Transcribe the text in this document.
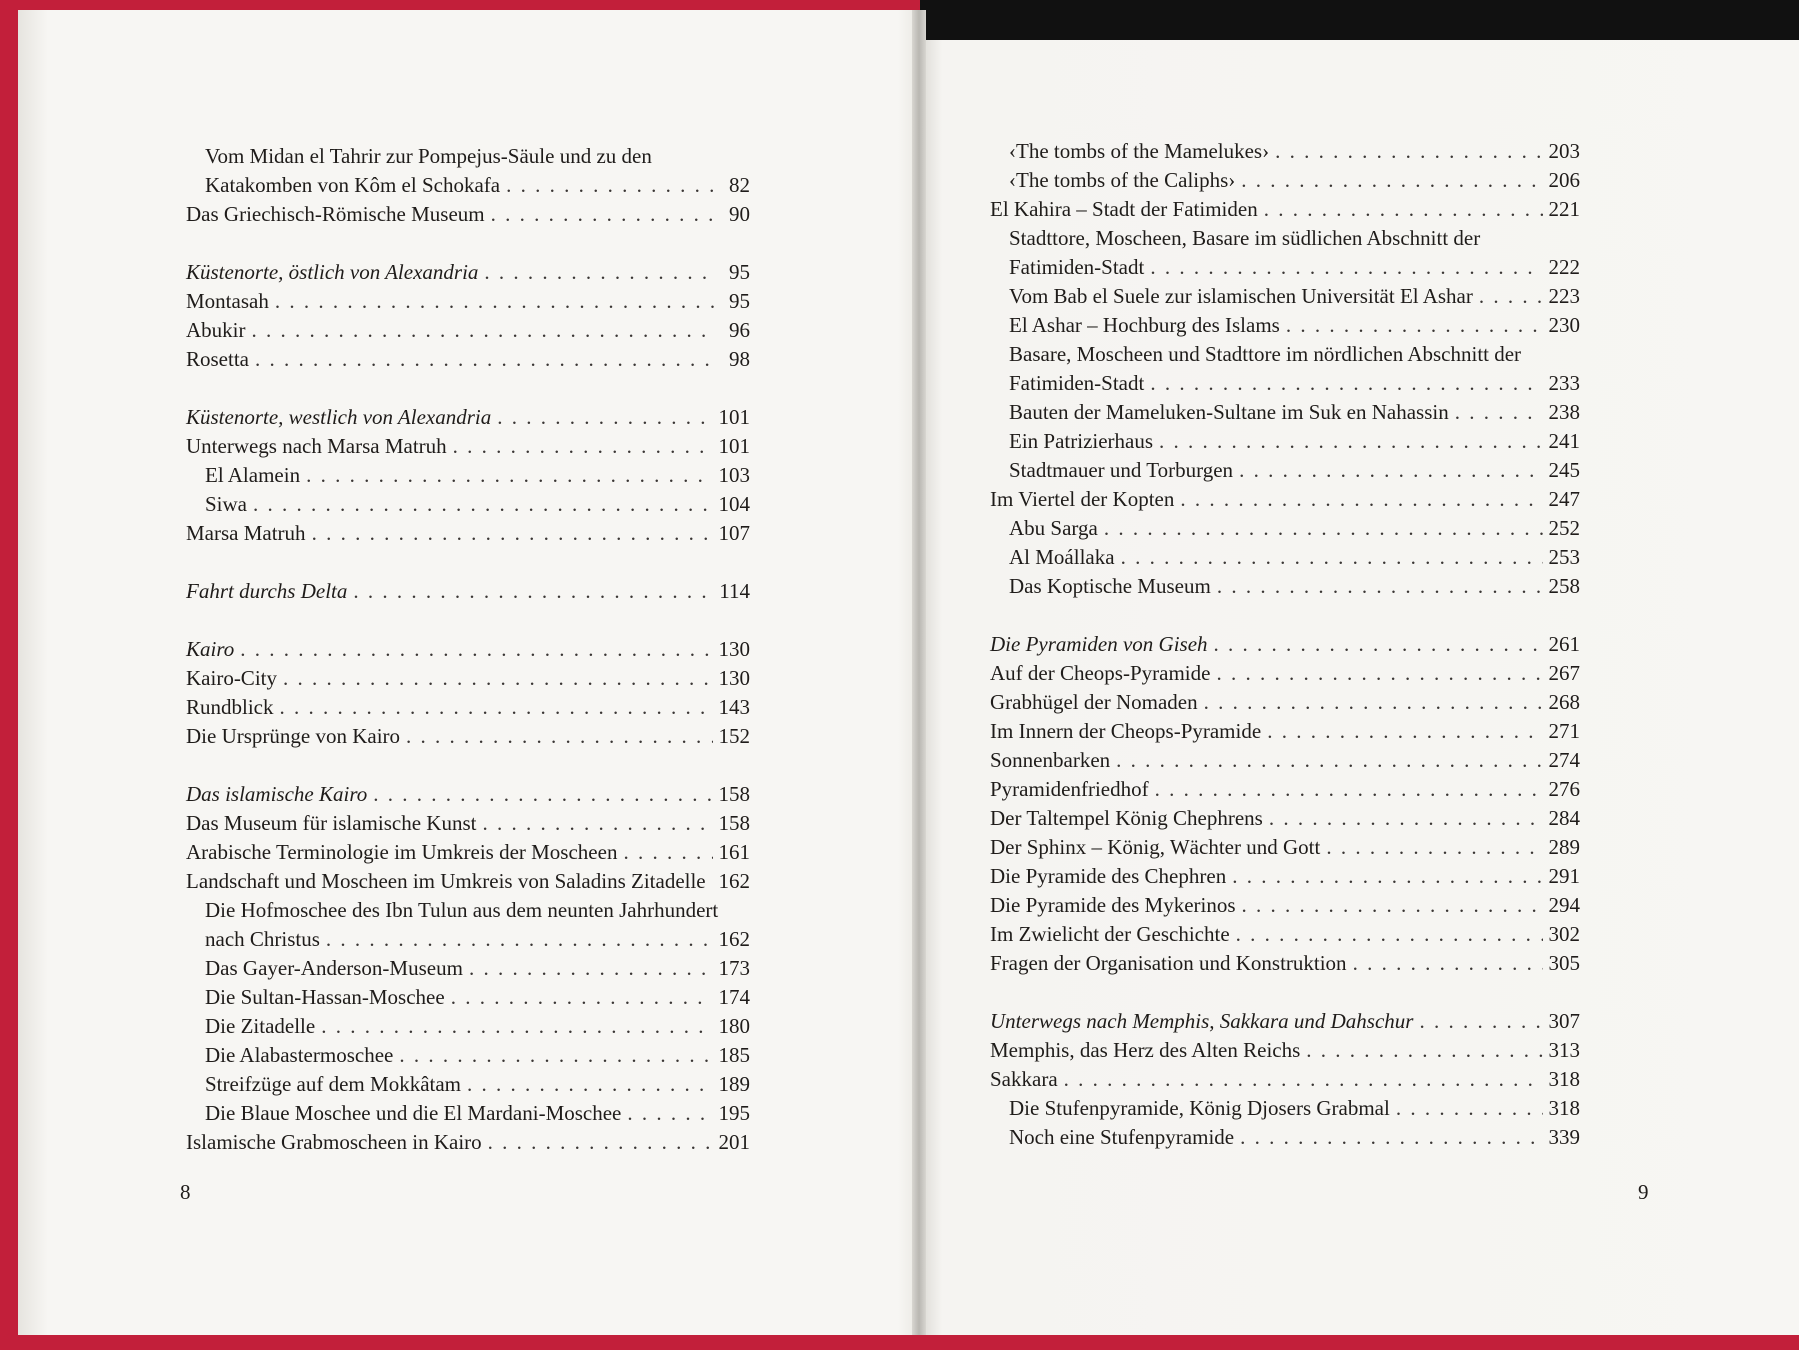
Vom Midan el Tahrir zur Pompejus-Säule und zu den
Katakomben von Kôm el Schokafa . . .	82
Das Griechisch-Römische Museum . . .	90
Küstenorte, östlich von Alexandria . . .	95
Montasah . . .	95
Abukir . . .	96
Rosetta . . .	98
Küstenorte, westlich von Alexandria . . .	101
Unterwegs nach Marsa Matruh . . .	101
El Alamein . . .	103
Siwa . . .	104
Marsa Matruh . . .	107
Fahrt durchs Delta . . .	114
Kairo . . .	130
Kairo-City . . .	130
Rundblick . . .	143
Die Ursprünge von Kairo . . .	152
Das islamische Kairo . . .	158
Das Museum für islamische Kunst . . .	158
Arabische Terminologie im Umkreis der Moscheen . . .	161
Landschaft und Moscheen im Umkreis von Saladins Zitadelle 162
Die Hofmoschee des Ibn Tulun aus dem neunten Jahrhundert
nach Christus . . .	162
Das Gayer-Anderson-Museum . . .	173
Die Sultan-Hassan-Moschee . . .	174
Die Zitadelle . . .	180
Die Alabastermoschee . . .	185
Streifzüge auf dem Mokkâtam . . .	189
Die Blaue Moschee und die El Mardani-Moschee . . .	195
Islamische Grabmoscheen in Kairo . . .	201
8
‹The tombs of the Mamelukes› . . .	203
‹The tombs of the Caliphs› . . .	206
El Kahira – Stadt der Fatimiden . . .	221
Stadttore, Moscheen, Basare im südlichen Abschnitt der
Fatimiden-Stadt . . .	222
Vom Bab el Suele zur islamischen Universität El Ashar . . .	223
El Ashar – Hochburg des Islams . . .	230
Basare, Moscheen und Stadttore im nördlichen Abschnitt der
Fatimiden-Stadt . . .	233
Bauten der Mameluken-Sultane im Suk en Nahassin . . .	238
Ein Patrizierhaus . . .	241
Stadtmauer und Torburgen . . .	245
Im Viertel der Kopten . . .	247
Abu Sarga . . .	252
Al Moállaka . . .	253
Das Koptische Museum . . .	258
Die Pyramiden von Giseh . . .	261
Auf der Cheops-Pyramide . . .	267
Grabhügel der Nomaden . . .	268
Im Innern der Cheops-Pyramide . . .	271
Sonnenbarken . . .	274
Pyramidenfriedhof . . .	276
Der Taltempel König Chephrens . . .	284
Der Sphinx – König, Wächter und Gott . . .	289
Die Pyramide des Chephren . . .	291
Die Pyramide des Mykerinos . . .	294
Im Zwielicht der Geschichte . . .	302
Fragen der Organisation und Konstruktion . . .	305
Unterwegs nach Memphis, Sakkara und Dahschur . . .	307
Memphis, das Herz des Alten Reichs . . .	313
Sakkara . . .	318
Die Stufenpyramide, König Djosers Grabmal . . .	318
Noch eine Stufenpyramide . . .	339
9
